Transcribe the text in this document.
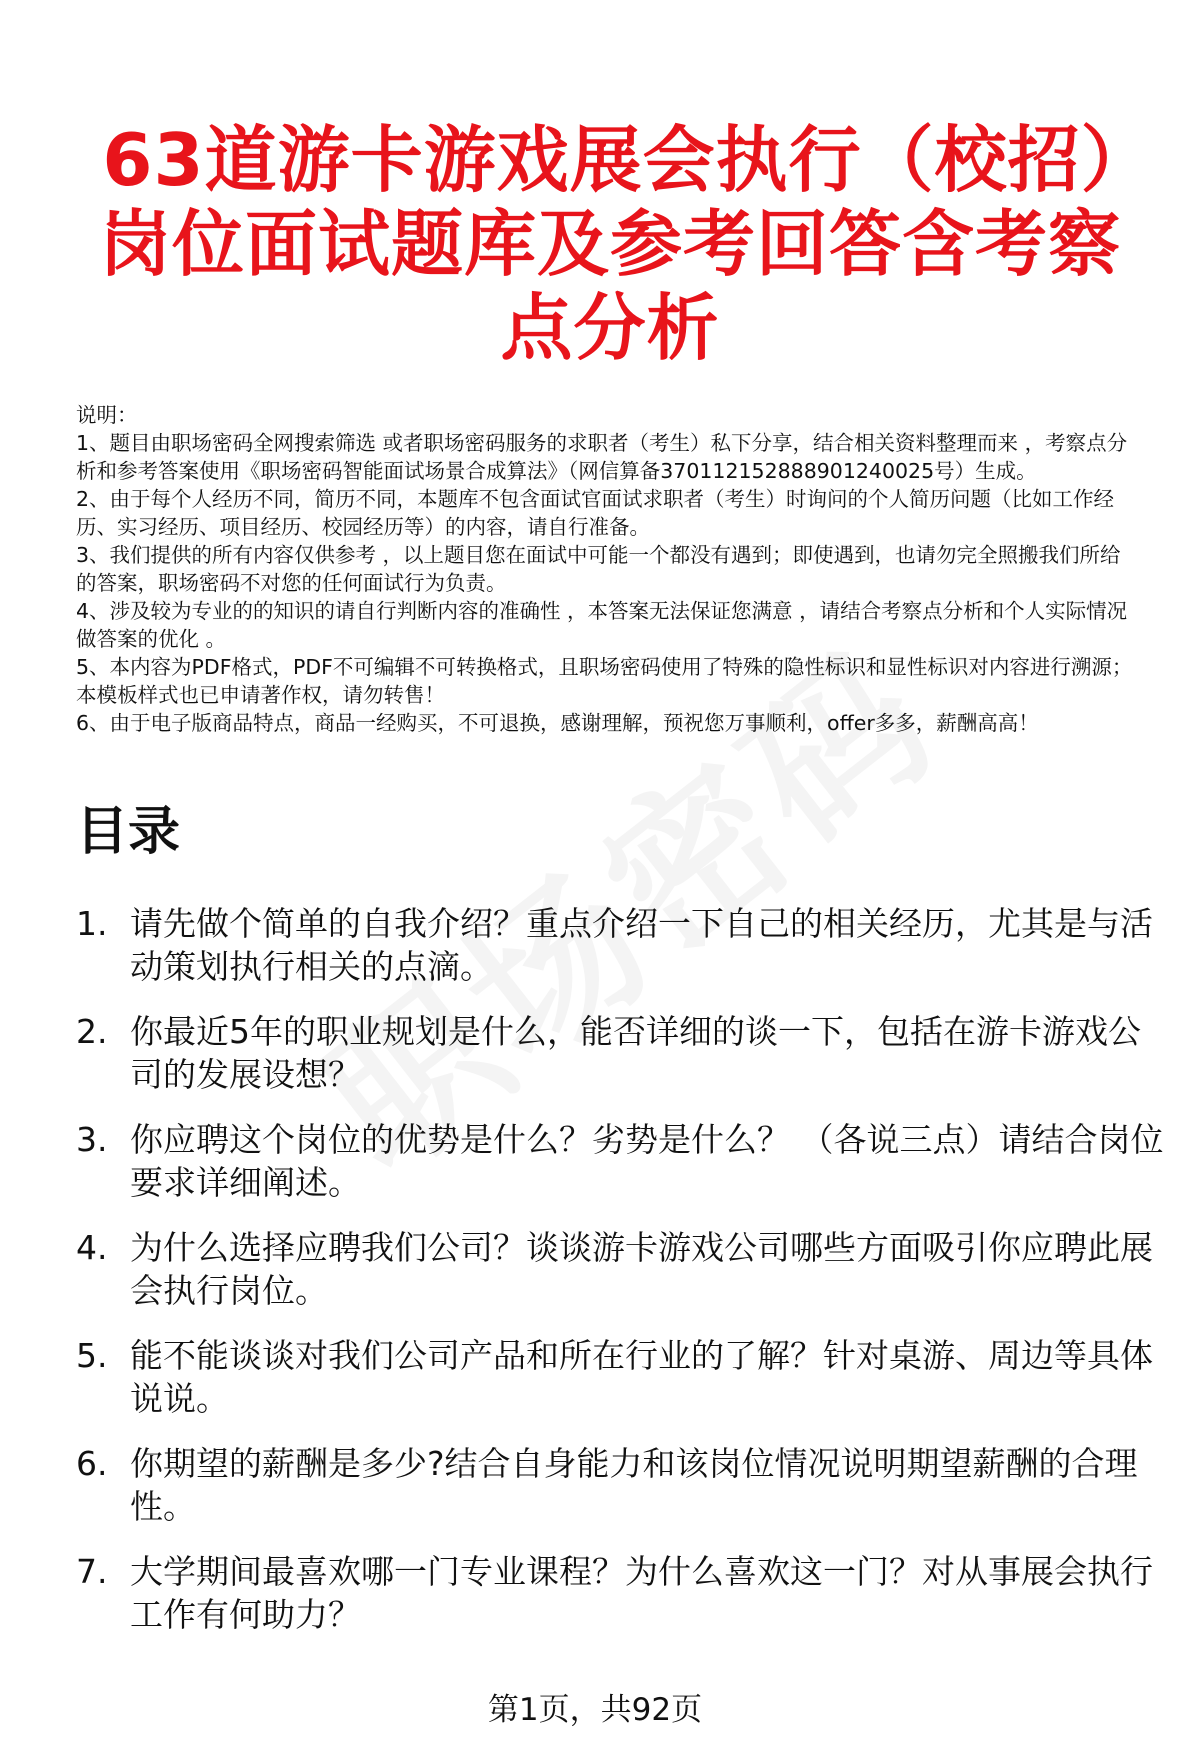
63道游卡游戏展会执行（校招）岗位面试题库及参考回答含考察点分析

说明：

1、题目由职场密码全网搜索筛选 或者职场密码服务的求职者（考生）私下分享，结合相关资料整理而来 ，考察点分析和参考答案使用《职场密码智能面试场景合成算法》（网信算备370112152888901240025号）生成。

2、由于每个人经历不同，简历不同，本题库不包含面试官面试求职者（考生）时询问的个人简历问题（比如工作经历、实习经历、项目经历、校园经历等）的内容，请自行准备。

3、我们提供的所有内容仅供参考 ，以上题目您在面试中可能一个都没有遇到；即使遇到，也请勿完全照搬我们所给的答案，职场密码不对您的任何面试行为负责。

4、涉及较为专业的的知识的请自行判断内容的准确性 ，本答案无法保证您满意 ，请结合考察点分析和个人实际情况做答案的优化 。

5、本内容为PDF格式，PDF不可编辑不可转换格式，且职场密码使用了特殊的隐性标识和显性标识对内容进行溯源；本模板样式也已申请著作权，请勿转售！

6、由于电子版商品特点，商品一经购买，不可退换，感谢理解，预祝您万事顺利，offer多多，薪酬高高！

目录
1. 请先做个简单的自我介绍？重点介绍一下自己的相关经历，尤其是与活动策划执行相关的点滴。
2. 你最近5年的职业规划是什么，能否详细的谈一下，包括在游卡游戏公司的发展设想？
3. 你应聘这个岗位的优势是什么？劣势是什么？ （各说三点）请结合岗位要求详细阐述。
4. 为什么选择应聘我们公司？谈谈游卡游戏公司哪些方面吸引你应聘此展会执行岗位。
5. 能不能谈谈对我们公司产品和所在行业的了解？针对桌游、周边等具体说说。
6. 你期望的薪酬是多少?结合自身能力和该岗位情况说明期望薪酬的合理性。
7. 大学期间最喜欢哪一门专业课程？为什么喜欢这一门？对从事展会执行工作有何助力？
第1页，共92页
